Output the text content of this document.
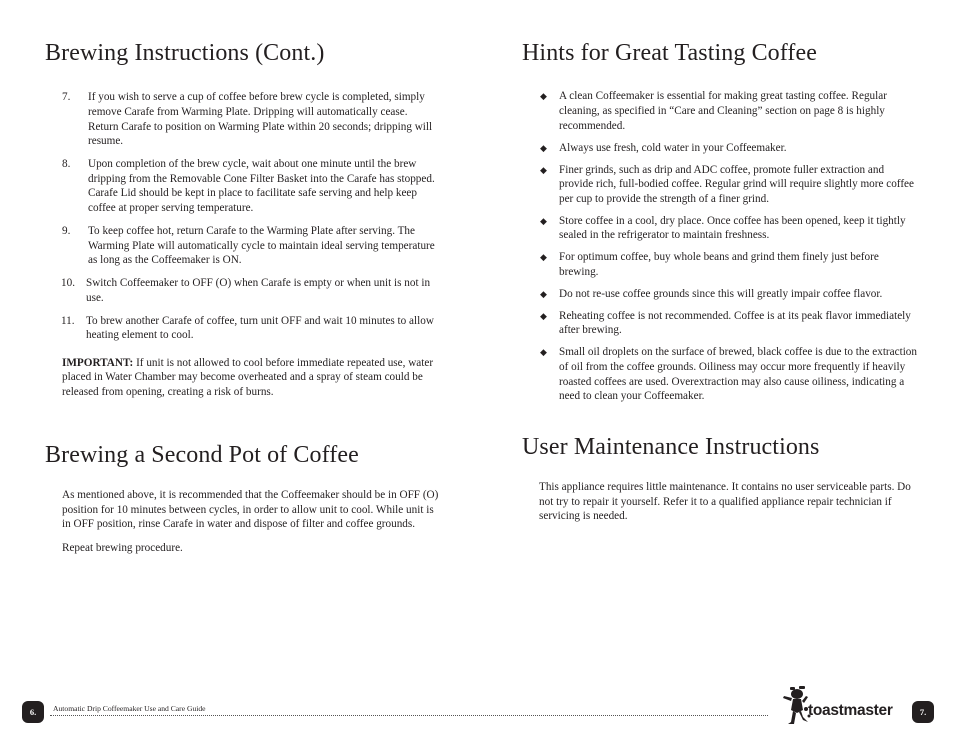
Brewing Instructions (Cont.)
7. If you wish to serve a cup of coffee before brew cycle is completed, simply remove Carafe from Warming Plate. Dripping will automatically cease. Return Carafe to position on Warming Plate within 20 seconds; dripping will resume.
8. Upon completion of the brew cycle, wait about one minute until the brew dripping from the Removable Cone Filter Basket into the Carafe has stopped. Carafe Lid should be kept in place to facilitate safe serving and help keep coffee at proper serving temperature.
9. To keep coffee hot, return Carafe to the Warming Plate after serving. The Warming Plate will automatically cycle to maintain ideal serving temperature as long as the Coffeemaker is ON.
10. Switch Coffeemaker to OFF (O) when Carafe is empty or when unit is not in use.
11. To brew another Carafe of coffee, turn unit OFF and wait 10 minutes to allow heating element to cool.
IMPORTANT: If unit is not allowed to cool before immediate repeated use, water placed in Water Chamber may become overheated and a spray of steam could be released from opening, creating a risk of burns.
Brewing a Second Pot of Coffee

As mentioned above, it is recommended that the Coffeemaker should be in OFF (O) position for 10 minutes between cycles, in order to allow unit to cool. While unit is in OFF position, rinse Carafe in water and dispose of filter and coffee grounds.

Repeat brewing procedure.

Hints for Great Tasting Coffee
◆ A clean Coffeemaker is essential for making great tasting coffee. Regular cleaning, as specified in “Care and Cleaning” section on page 8 is highly recommended.
◆ Always use fresh, cold water in your Coffeemaker.
◆ Finer grinds, such as drip and ADC coffee, promote fuller extraction and provide rich, full-bodied coffee. Regular grind will require slightly more coffee per cup to provide the strength of a finer grind.
◆ Store coffee in a cool, dry place. Once coffee has been opened, keep it tightly sealed in the refrigerator to maintain freshness.
◆ For optimum coffee, buy whole beans and grind them finely just before brewing.
◆ Do not re-use coffee grounds since this will greatly impair coffee flavor.
◆ Reheating coffee is not recommended. Coffee is at its peak flavor immediately after brewing.
◆ Small oil droplets on the surface of brewed, black coffee is due to the extraction of oil from the coffee grounds. Oiliness may occur more frequently if heavily roasted coffees are used. Overextraction may also cause oiliness, indicating a need to clean your Coffeemaker.
User Maintenance Instructions
This appliance requires little maintenance. It contains no user serviceable parts. Do not try to repair it yourself. Refer it to a qualified appliance repair technician if servicing is needed.
6.	Automatic Drip Coffeemaker Use and Care Guide	toastmaster	7.
